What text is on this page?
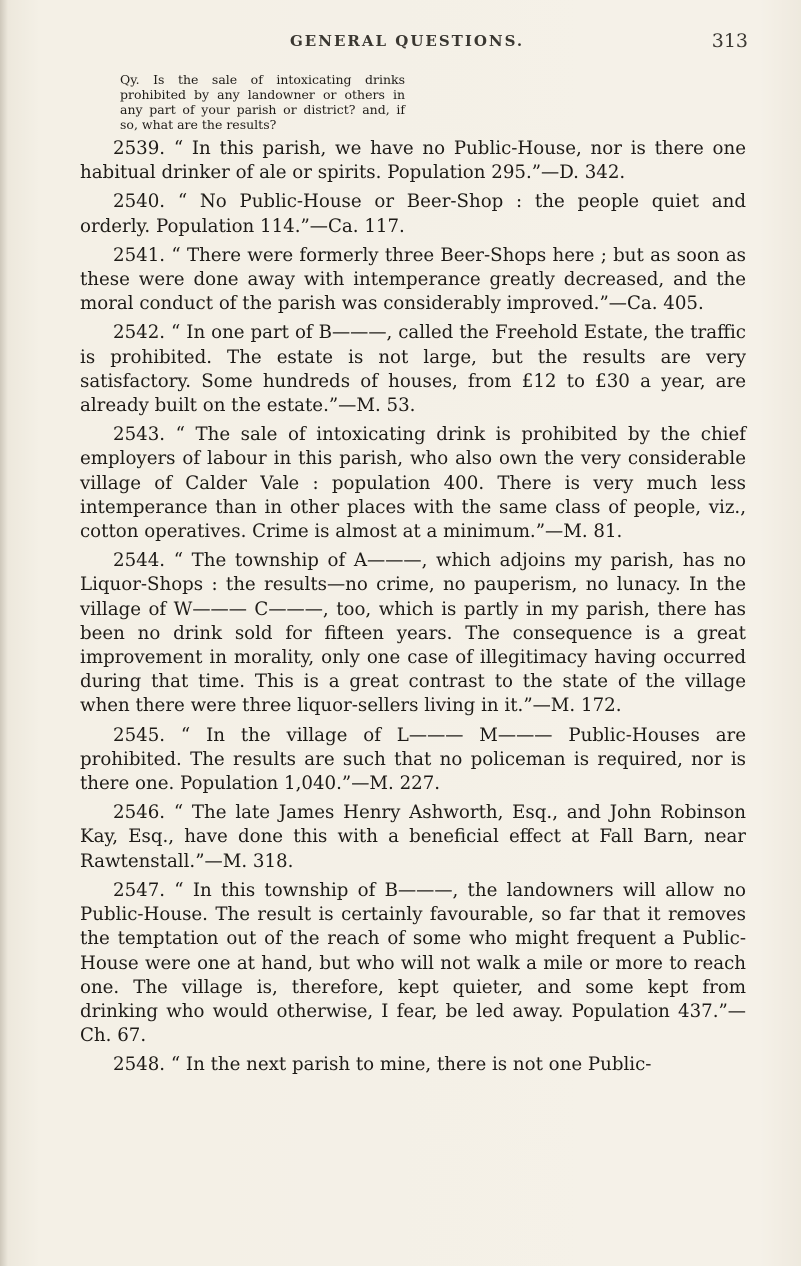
GENERAL QUESTIONS.	313
Qy. Is the sale of intoxicating drinks prohibited by any landowner or others in any part of your parish or district? and, if so, what are the results?

2539. “ In this parish, we have no Public-House, nor is there one habitual drinker of ale or spirits. Population 295.”—D. 342.

2540. “ No Public-House or Beer-Shop : the people quiet and orderly. Population 114.”—Ca. 117.

2541. “ There were formerly three Beer-Shops here ; but as soon as these were done away with intemperance greatly decreased, and the moral conduct of the parish was considerably improved.”—Ca. 405.

2542. “ In one part of B———, called the Freehold Estate, the traffic is prohibited. The estate is not large, but the results are very satisfactory. Some hundreds of houses, from £12 to £30 a year, are already built on the estate.”—M. 53.

2543. “ The sale of intoxicating drink is prohibited by the chief employers of labour in this parish, who also own the very considerable village of Calder Vale : population 400. There is very much less intemperance than in other places with the same class of people, viz., cotton operatives. Crime is almost at a minimum.”—M. 81.

2544. “ The township of A———, which adjoins my parish, has no Liquor-Shops : the results—no crime, no pauperism, no lunacy. In the village of W——— C———, too, which is partly in my parish, there has been no drink sold for fifteen years. The consequence is a great improvement in morality, only one case of illegitimacy having occurred during that time. This is a great contrast to the state of the village when there were three liquor-sellers living in it.”—M. 172.

2545. “ In the village of L——— M——— Public-Houses are prohibited. The results are such that no policeman is required, nor is there one. Population 1,040.”—M. 227.

2546. “ The late James Henry Ashworth, Esq., and John Robinson Kay, Esq., have done this with a beneficial effect at Fall Barn, near Rawtenstall.”—M. 318.

2547. “ In this township of B———, the landowners will allow no Public-House. The result is certainly favourable, so far that it removes the temptation out of the reach of some who might frequent a Public-House were one at hand, but who will not walk a mile or more to reach one. The village is, therefore, kept quieter, and some kept from drinking who would otherwise, I fear, be led away. Population 437.”—Ch. 67.

2548. “ In the next parish to mine, there is not one Public-
